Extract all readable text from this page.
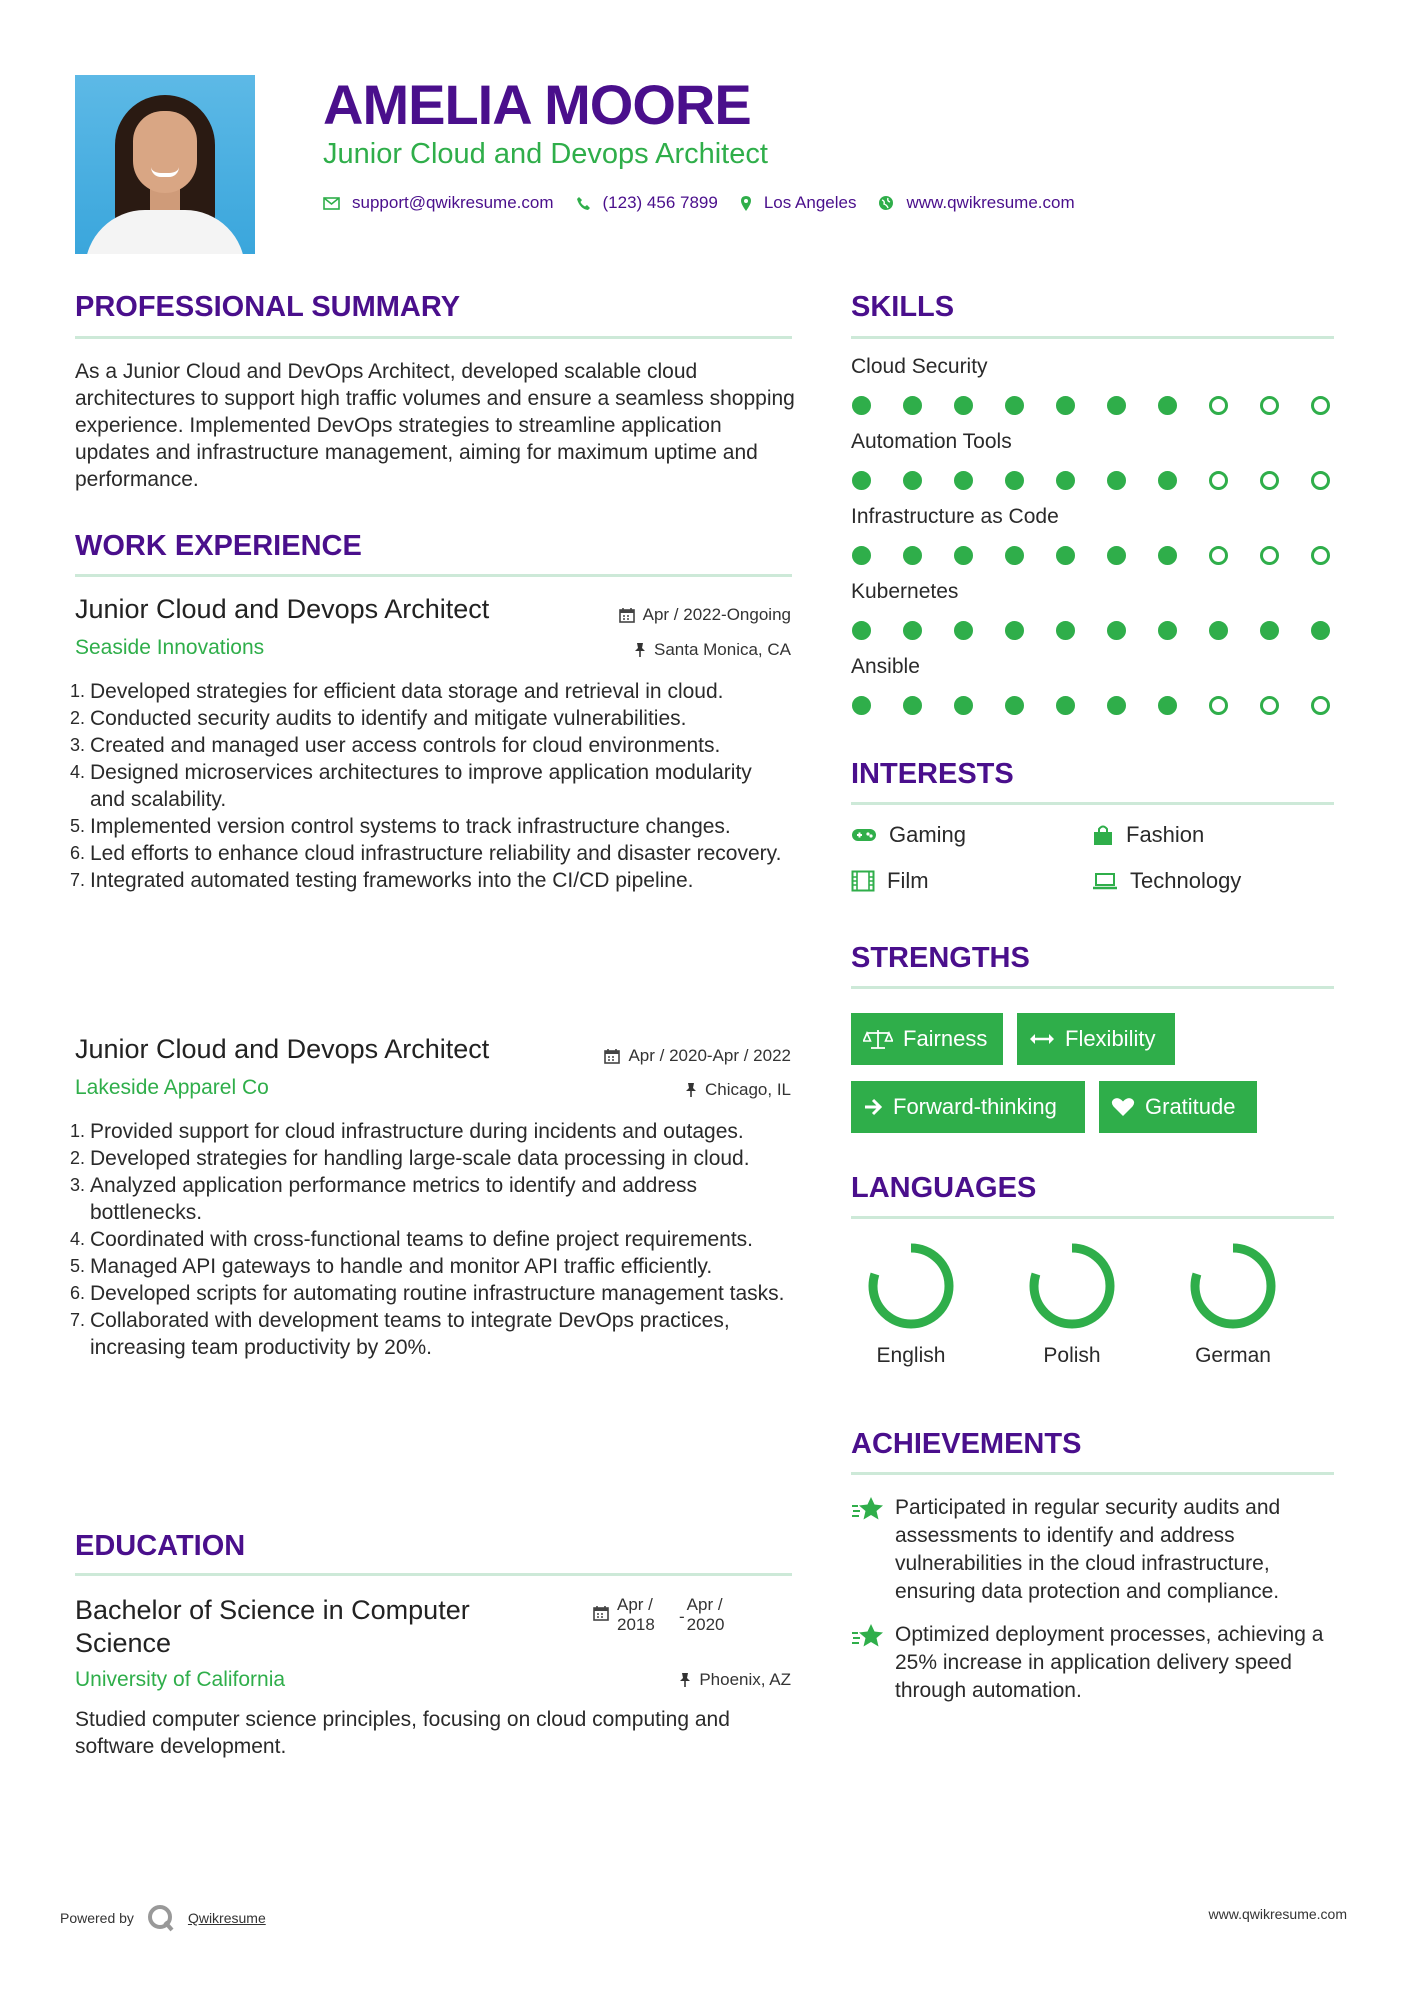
AMELIA MOORE
Junior Cloud and Devops Architect
support@qwikresume.com	(123) 456 7899	Los Angeles	www.qwikresume.com
PROFESSIONAL SUMMARY
As a Junior Cloud and DevOps Architect, developed scalable cloud architectures to support high traffic volumes and ensure a seamless shopping experience. Implemented DevOps strategies to streamline application updates and infrastructure management, aiming for maximum uptime and performance.
WORK EXPERIENCE
Junior Cloud and Devops Architect	Apr / 2022-Ongoing
Seaside Innovations	Santa Monica, CA
1. Developed strategies for efficient data storage and retrieval in cloud.
2. Conducted security audits to identify and mitigate vulnerabilities.
3. Created and managed user access controls for cloud environments.
4. Designed microservices architectures to improve application modularity and scalability.
5. Implemented version control systems to track infrastructure changes.
6. Led efforts to enhance cloud infrastructure reliability and disaster recovery.
7. Integrated automated testing frameworks into the CI/CD pipeline.
Junior Cloud and Devops Architect	Apr / 2020-Apr / 2022
Lakeside Apparel Co	Chicago, IL
1. Provided support for cloud infrastructure during incidents and outages.
2. Developed strategies for handling large-scale data processing in cloud.
3. Analyzed application performance metrics to identify and address bottlenecks.
4. Coordinated with cross-functional teams to define project requirements.
5. Managed API gateways to handle and monitor API traffic efficiently.
6. Developed scripts for automating routine infrastructure management tasks.
7. Collaborated with development teams to integrate DevOps practices, increasing team productivity by 20%.
EDUCATION
Bachelor of Science in Computer
Science
Apr /
2018	-
Apr /
2020
University of California	Phoenix, AZ
Studied computer science principles, focusing on cloud computing and software development.
SKILLS
Cloud Security
Automation Tools
Infrastructure as Code
Kubernetes
Ansible
INTERESTS
Gaming	Fashion
Film	Technology
STRENGTHS
Fairness	Flexibility
Forward-thinking	Gratitude
LANGUAGES
English	Polish	German
ACHIEVEMENTS
Participated in regular security audits and assessments to identify and address vulnerabilities in the cloud infrastructure, ensuring data protection and compliance.
Optimized deployment processes, achieving a 25% increase in application delivery speed through automation.
Powered by	Qwikresume	www.qwikresume.com
